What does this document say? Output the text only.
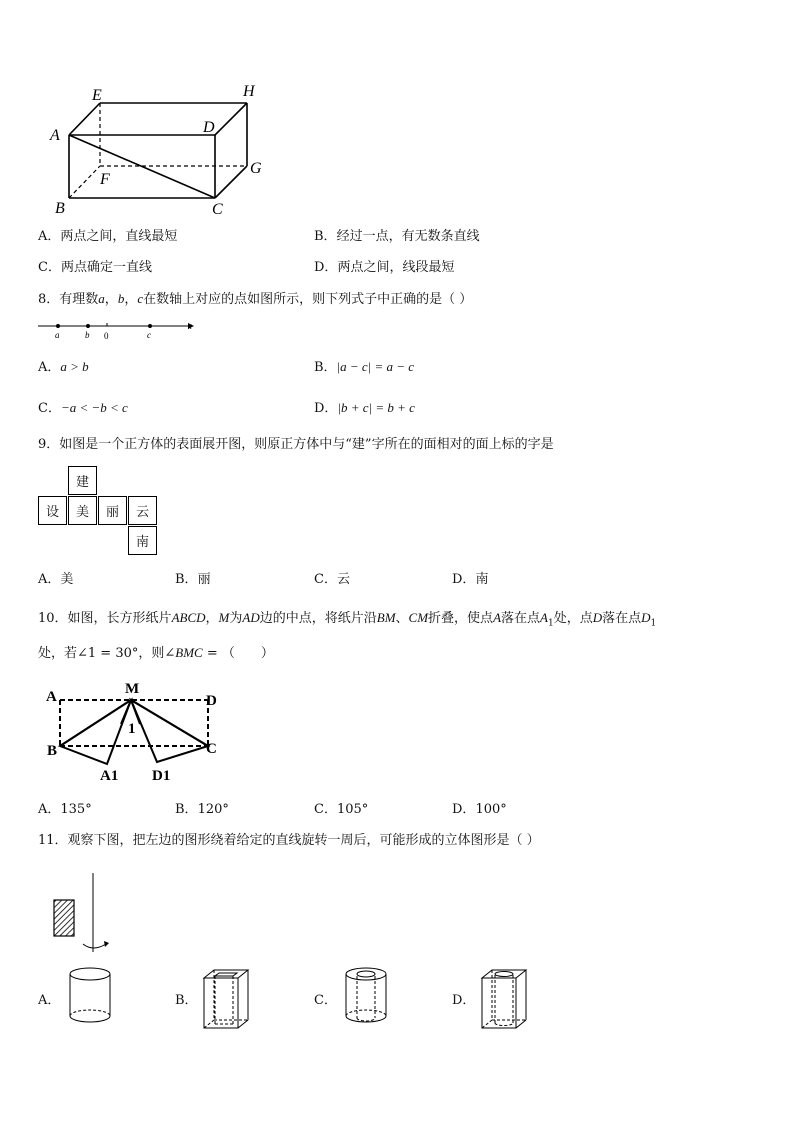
A
B	C
D
E
F
G
H
A．两点之间，直线最短	B．经过一点，有无数条直线
C．两点确定一直线	D．两点之间，线段最短
8．有理数a，b，c在数轴上对应的点如图所示，则下列式子中正确的是（ ）
a	b 0	c
x
A．a > b	B．|a − c| = a − c
C．−a < −b < c	D．|b + c| = b + c
9．如图是一个正方体的表面展开图，则原正方体中与“建”字所在的面相对的面上标的字是
建
设	美	丽	云
南
A．美	B．丽	C．云	D．南
10．如图，长方形纸片ABCD，M为AD边的中点，将纸片沿BM、CM折叠，使点A落在点$A_1$处，点D落在点$D_1$
处，若∠1 = 30°，则∠BMC = （　　）
A	M
D
B	C
1
A1 D1
A．135°	B．120°	C．105°	D．100°
11．观察下图，把左边的图形绕着给定的直线旋转一周后，可能形成的立体图形是（ ）
A．	B．	C．	D．
